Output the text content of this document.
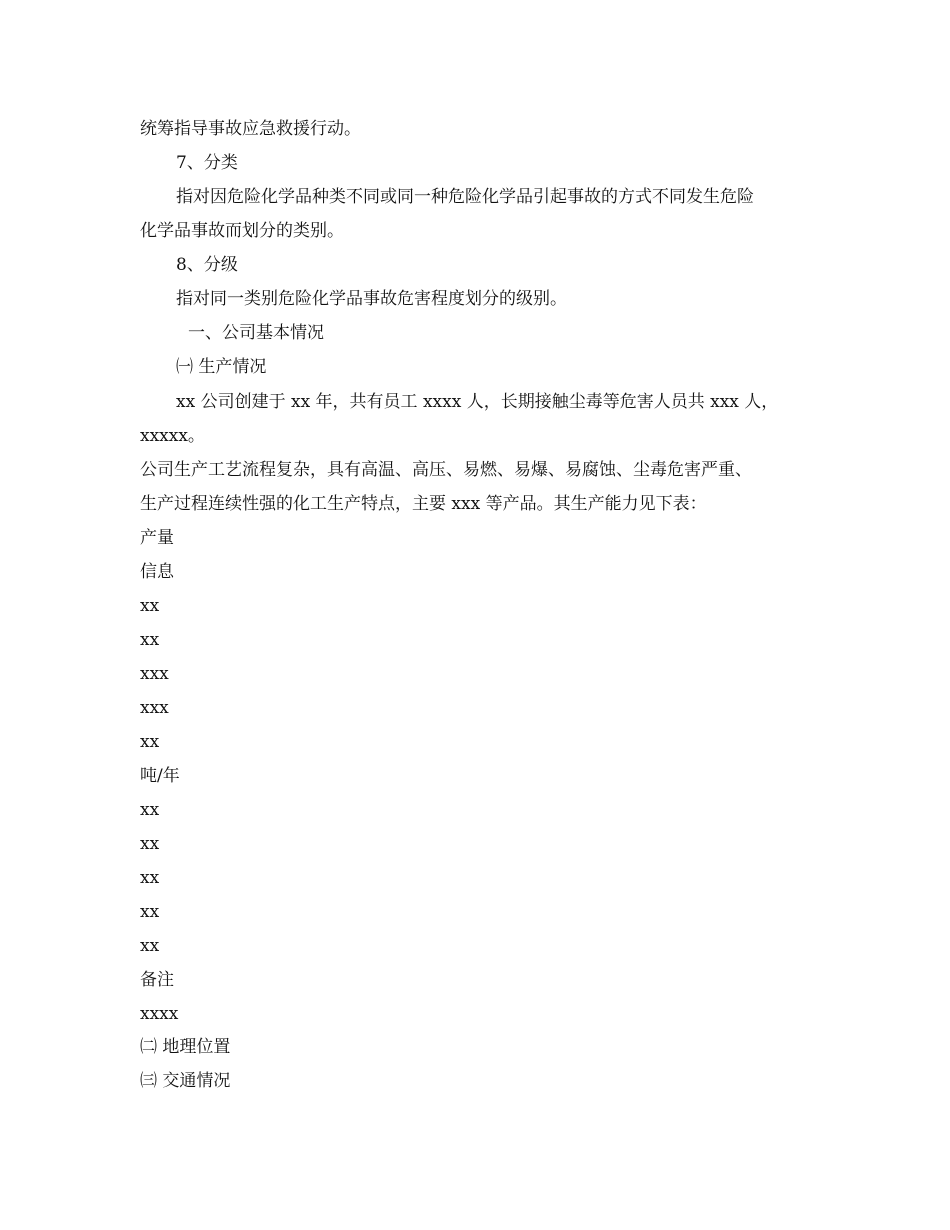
统筹指导事故应急救援行动。
7、分类
指对因危险化学品种类不同或同一种危险化学品引起事故的方式不同发生危险
化学品事故而划分的类别。
8、分级
指对同一类别危险化学品事故危害程度划分的级别。
一、公司基本情况
㈠ 生产情况
xx 公司创建于 xx 年，共有员工 xxxx 人，长期接触尘毒等危害人员共 xxx 人，
xxxxx。
公司生产工艺流程复杂，具有高温、高压、易燃、易爆、易腐蚀、尘毒危害严重、
生产过程连续性强的化工生产特点，主要 xxx 等产品。其生产能力见下表：
产量
信息
xx
xx
xxx
xxx
xx
吨/年
xx
xx
xx
xx
xx
备注
xxxx
㈡ 地理位置
㈢ 交通情况
